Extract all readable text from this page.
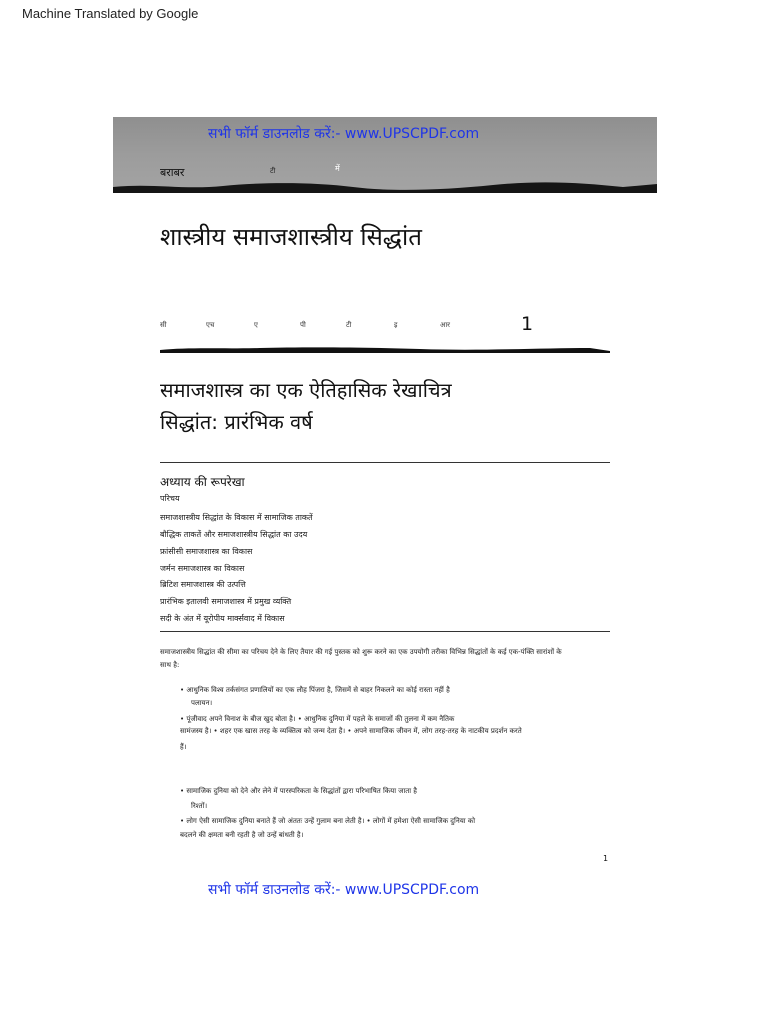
Machine Translated by Google
सभी फॉर्म डाउनलोड करें:- www.UPSCPDF.com
बराबर	टी	में
शास्त्रीय समाजशास्त्रीय सिद्धांत
सी	एच	ए	पी	टी	इ	आर	1
समाजशास्त्र का एक ऐतिहासिक रेखाचित्र
सिद्धांत: प्रारंभिक वर्ष
अध्याय की रूपरेखा
परिचय
समाजशास्त्रीय सिद्धांत के विकास में सामाजिक ताकतें
बौद्धिक ताकतें और समाजशास्त्रीय सिद्धांत का उदय
फ्रांसीसी समाजशास्त्र का विकास
जर्मन समाजशास्त्र का विकास
ब्रिटिश समाजशास्त्र की उत्पत्ति
प्रारंभिक इतालवी समाजशास्त्र में प्रमुख व्यक्ति
सदी के अंत में यूरोपीय मार्क्सवाद में विकास
समाजशास्त्रीय सिद्धांत की सीमा का परिचय देने के लिए तैयार की गई पुस्तक को शुरू करने का एक उपयोगी तरीका विभिन्न सिद्धांतों के कई एक-पंक्ति सारांशों के
साथ है:
• आधुनिक विश्व तर्कसंगत प्रणालियों का एक लौह पिंजरा है, जिसमें से बाहर निकलने का कोई रास्ता नहीं है
पलायन।
• पूंजीवाद अपने विनाश के बीज खुद बोता है। • आधुनिक दुनिया में पहले के समाजों की तुलना में कम नैतिक
सामंजस्य है। • शहर एक खास तरह के व्यक्तित्व को जन्म देता है। • अपने सामाजिक जीवन में, लोग तरह-तरह के नाटकीय प्रदर्शन करते
हैं।
• सामाजिक दुनिया को देने और लेने में पारस्परिकता के सिद्धांतों द्वारा परिभाषित किया जाता है
रिश्तों।
• लोग ऐसी सामाजिक दुनिया बनाते हैं जो अंततः उन्हें गुलाम बना लेती है। • लोगों में हमेशा ऐसी सामाजिक दुनिया को
बदलने की क्षमता बनी रहती है जो उन्हें बांधती है।
1
सभी फॉर्म डाउनलोड करें:- www.UPSCPDF.com
